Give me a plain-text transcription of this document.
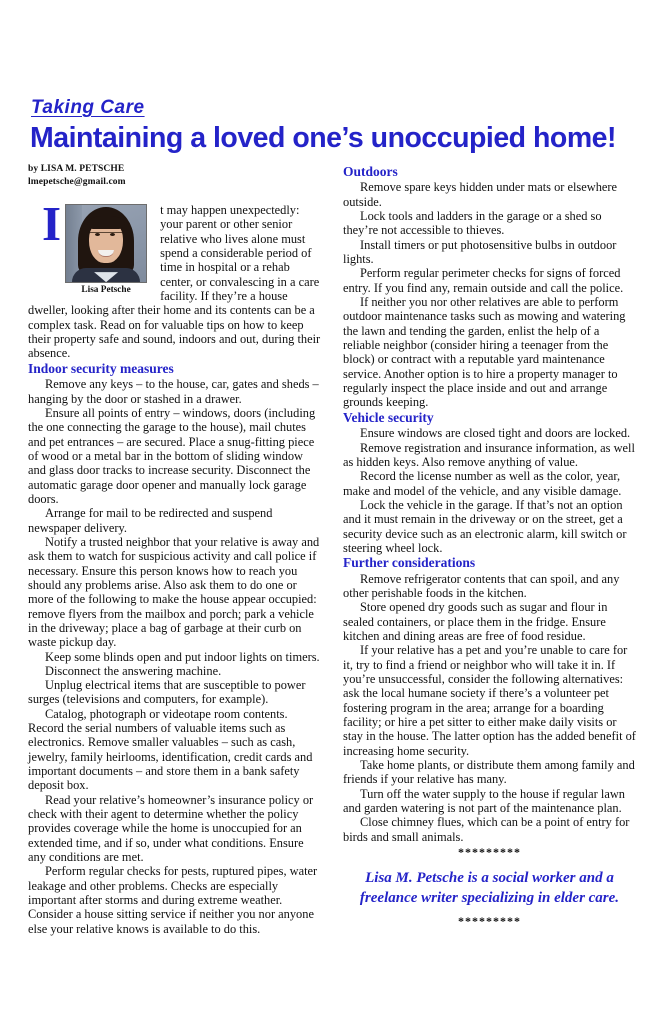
Taking Care
Maintaining a loved one’s unoccupied home!
by LISA M. PETSCHE
lmepetsche@gmail.com
I
Lisa Petsche

t may happen unexpectedly: your parent or other senior relative who lives alone must spend a considerable period of time in hospital or a rehab center, or convalescing in a care facility. If they’re a house dweller, looking after their home and its contents can be a complex task. Read on for valuable tips on how to keep their property safe and sound, indoors and out, during their absence.

Indoor security measures

Remove any keys – to the house, car, gates and sheds – hanging by the door or stashed in a drawer.

Ensure all points of entry – windows, doors (including the one connecting the garage to the house), mail chutes and pet entrances – are secured. Place a snug-fitting piece of wood or a metal bar in the bottom of sliding window and glass door tracks to increase security. Disconnect the automatic garage door opener and manually lock garage doors.

Arrange for mail to be redirected and suspend newspaper delivery.

Notify a trusted neighbor that your relative is away and ask them to watch for suspicious activity and call police if necessary. Ensure this person knows how to reach you should any problems arise. Also ask them to do one or more of the following to make the house appear occupied: remove flyers from the mailbox and porch; park a vehicle in the driveway; place a bag of garbage at their curb on waste pickup day.

Keep some blinds open and put indoor lights on timers.

Disconnect the answering machine.

Unplug electrical items that are susceptible to power surges (televisions and computers, for example).

Catalog, photograph or videotape room contents. Record the serial numbers of valuable items such as electronics. Remove smaller valuables – such as cash, jewelry, family heirlooms, identification, credit cards and important documents – and store them in a bank safety deposit box.

Read your relative’s homeowner’s insurance policy or check with their agent to determine whether the policy provides coverage while the home is unoccupied for an extended time, and if so, under what conditions. Ensure any conditions are met.

Perform regular checks for pests, ruptured pipes, water leakage and other problems. Checks are especially important after storms and during extreme weather. Consider a house sitting service if neither you nor anyone else your relative knows is available to do this.

Outdoors

Remove spare keys hidden under mats or elsewhere outside.

Lock tools and ladders in the garage or a shed so they’re not accessible to thieves.

Install timers or put photosensitive bulbs in outdoor lights.

Perform regular perimeter checks for signs of forced entry. If you find any, remain outside and call the police.

If neither you nor other relatives are able to perform outdoor maintenance tasks such as mowing and watering the lawn and tending the garden, enlist the help of a reliable neighbor (consider hiring a teenager from the block) or contract with a reputable yard maintenance service. Another option is to hire a property manager to regularly inspect the place inside and out and arrange grounds keeping.

Vehicle security

Ensure windows are closed tight and doors are locked.

Remove registration and insurance information, as well as hidden keys. Also remove anything of value.

Record the license number as well as the color, year, make and model of the vehicle, and any visible damage.

Lock the vehicle in the garage. If that’s not an option and it must remain in the driveway or on the street, get a security device such as an electronic alarm, kill switch or steering wheel lock.

Further considerations

Remove refrigerator contents that can spoil, and any other perishable foods in the kitchen.

Store opened dry goods such as sugar and flour in sealed containers, or place them in the fridge. Ensure kitchen and dining areas are free of food residue.

If your relative has a pet and you’re unable to care for it, try to find a friend or neighbor who will take it in. If you’re unsuccessful, consider the following alternatives: ask the local humane society if there’s a volunteer pet fostering program in the area; arrange for a boarding facility; or hire a pet sitter to either make daily visits or stay in the house. The latter option has the added benefit of increasing home security.

Take home plants, or distribute them among family and friends if your relative has many.

Turn off the water supply to the house if regular lawn and garden watering is not part of the maintenance plan.

Close chimney flues, which can be a point of entry for birds and small animals.

*********
Lisa M. Petsche is a social worker and a freelance writer specializing in elder care.
*********
